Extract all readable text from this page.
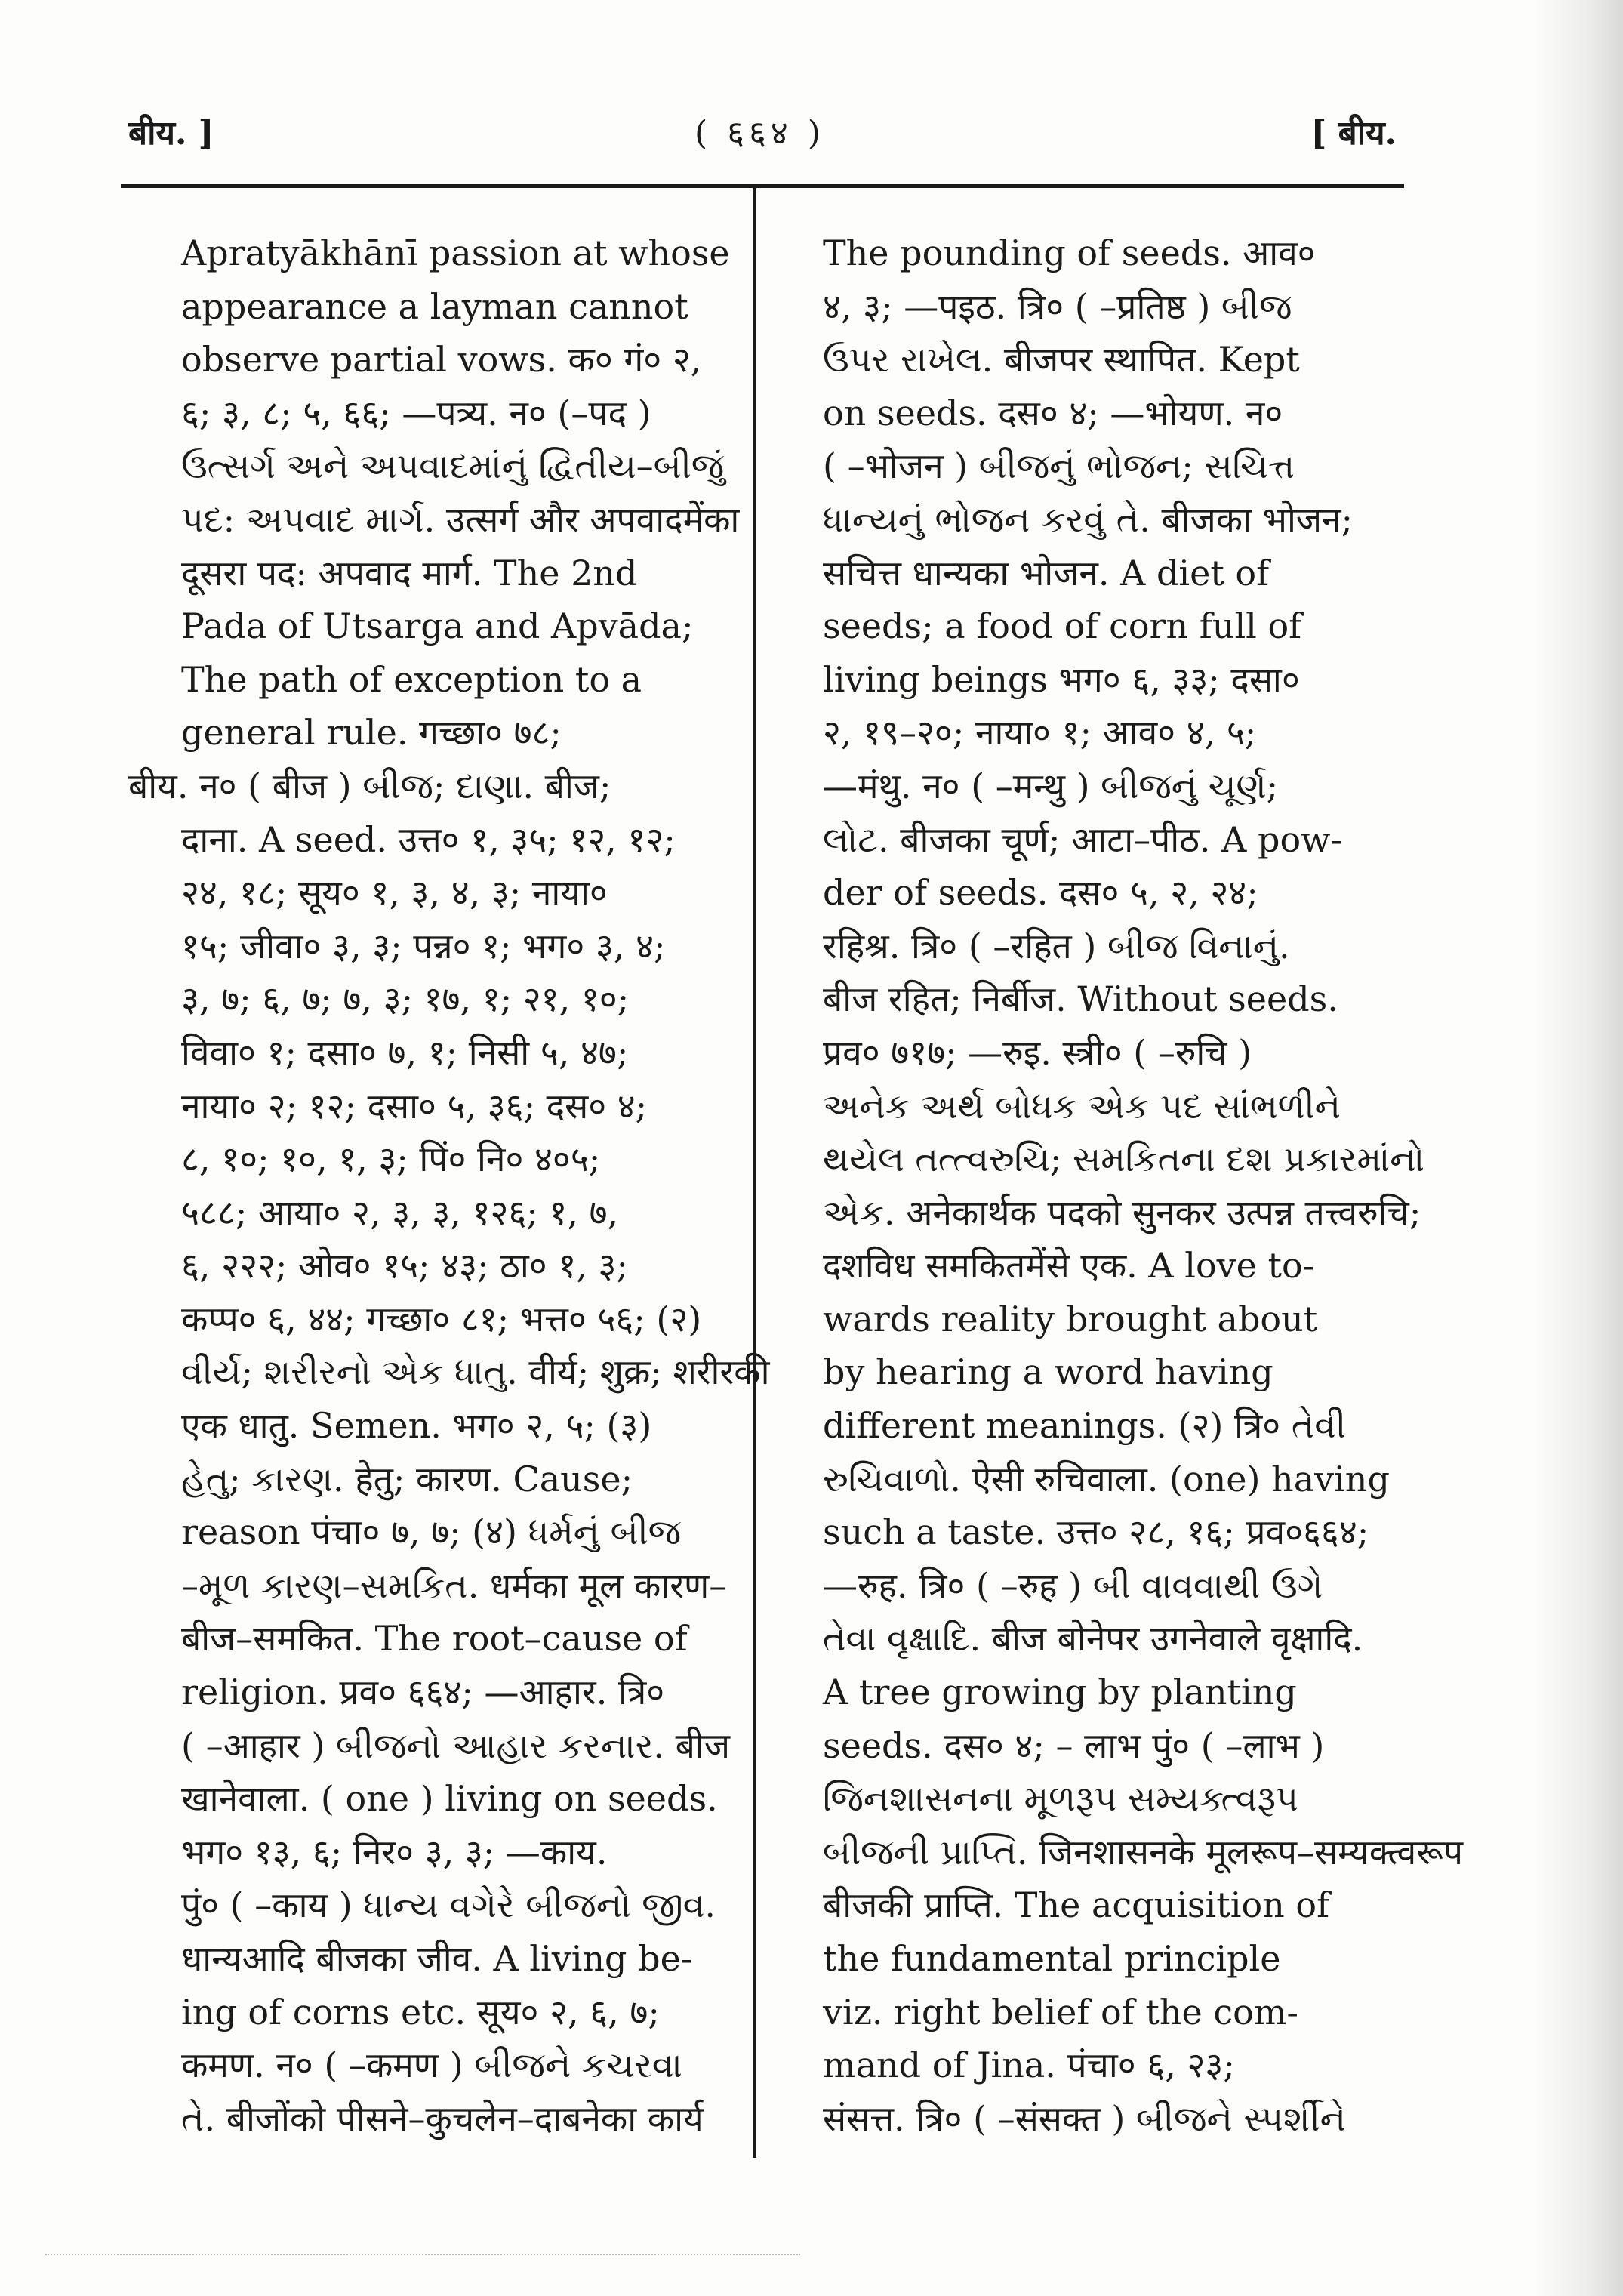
बीय. ]	( ६६४ )	[ बीय.
Apratyākhānī passion at whose
appearance a layman cannot
observe partial vows. क० गं० २,
६; ३, ८; ५, ६६; —पत्र्य. न० (–पद )
ઉત્સર્ગ અને અપવાદમાંનું દ્વિતીય–બીજું
પદ: અપવાદ માર્ગ. उत्सर्ग और अपवादमेंका
दूसरा पद: अपवाद मार्ग. The 2nd
Pada of Utsarga and Apvāda;
The path of exception to a
general rule. गच्छा० ७८;
बीय. न० ( बीज ) બીજ; દાણા. बीज;
दाना. A seed. उत्त० १, ३५; १२, १२;
२४, १८; सूय० १, ३, ४, ३; नाया०
१५; जीवा० ३, ३; पन्न० १; भग० ३, ४;
३, ७; ६, ७; ७, ३; १७, १; २१, १०;
विवा० १; दसा० ७, १; निसी ५, ४७;
नाया० २; १२; दसा० ५, ३६; दस० ४;
८, १०; १०, १, ३; पिं० नि० ४०५;
५८८; आया० २, ३, ३, १२६; १, ७,
६, २२२; ओव० १५; ४३; ठा० १, ३;
कप्प० ६, ४४; गच्छा० ८१; भत्त० ५६; (२)
વીર્ય; શરીરનો એક ધાતુ. वीर्य; शुक्र; शरीरकी
एक धातु. Semen. भग० २, ५; (३)
હેતુ; કારણ. हेतु; कारण. Cause;
reason पंचा० ७, ७; (४) ધર્મનું બીજ
–મૂળ કારણ–સમકિત. धर्मका मूल कारण–
बीज–समकित. The root–cause of
religion. प्रव० ६६४; —आहार. त्रि०
( –आहार ) બીજનો આહાર કરનાર. बीज
खानेवाला. ( one ) living on seeds.
भग० १३, ६; निर० ३, ३; —काय.
पुं० ( –काय ) ધાન્ય વગેરે બીજનો જીવ.
धान्यआदि बीजका जीव. A living be-
ing of corns etc. सूय० २, ६, ७;
कमण. न० ( –कमण ) બીજને કચરવા
તે. बीजोंको पीसने–कुचलेन–दाबनेका कार्य
The pounding of seeds. आव०
४, ३; —पइठ. त्रि० ( –प्रतिष्ठ ) બીજ
ઉપર રાખેલ. बीजपर स्थापित. Kept
on seeds. दस० ४; —भोयण. न०
( –भोजन ) બીજનું ભોજન; સચિત્ત
ધાન્યનું ભોજન કરવું તે. बीजका भोजन;
सचित्त धान्यका भोजन. A diet of
seeds; a food of corn full of
living beings भग० ६, ३३; दसा०
२, १९–२०; नाया० १; आव० ४, ५;
—मंथु. न० ( –मन्थु ) બીજનું ચૂર્ણ;
લોટ. बीजका चूर्ण; आटा–पीठ. A pow-
der of seeds. दस० ५, २, २४;
रहिश्र. त्रि० ( –रहित ) બીજ વિનાનું.
बीज रहित; निर्बीज. Without seeds.
प्रव० ७१७; —रुइ. स्त्री० ( –रुचि )
અનેક અર્થ બોધક એક પદ સાંભળીને
થયેલ તત્ત્વરુચિ; સમકિતના દશ પ્રકારમાંનો
એક. अनेकार्थक पदको सुनकर उत्पन्न तत्त्वरुचि;
दशविध समकितमेंसे एक. A love to-
wards reality brought about
by hearing a word having
different meanings. (२) त्रि० તેવી
રુચિવાળો. ऐसी रुचिवाला. (one) having
such a taste. उत्त० २८, १६; प्रव०६६४;
—रुह. त्रि० ( –रुह ) બી વાવવાથી ઉગે
તેવા વૃક્ષાદિ. बीज बोनेपर उगनेवाले वृक्षादि.
A tree growing by planting
seeds. दस० ४; – लाभ पुं० ( –लाभ )
જિનશાસનના મૂળરૂપ સમ્યક્ત્વરૂપ
બીજની પ્રાપ્તિ. जिनशासनके मूलरूप–सम्यक्त्वरूप
बीजकी प्राप्ति. The acquisition of
the fundamental principle
viz. right belief of the com-
mand of Jina. पंचा० ६, २३;
संसत्त. त्रि० ( –संसक्त ) બીજને સ્પર્શીને
